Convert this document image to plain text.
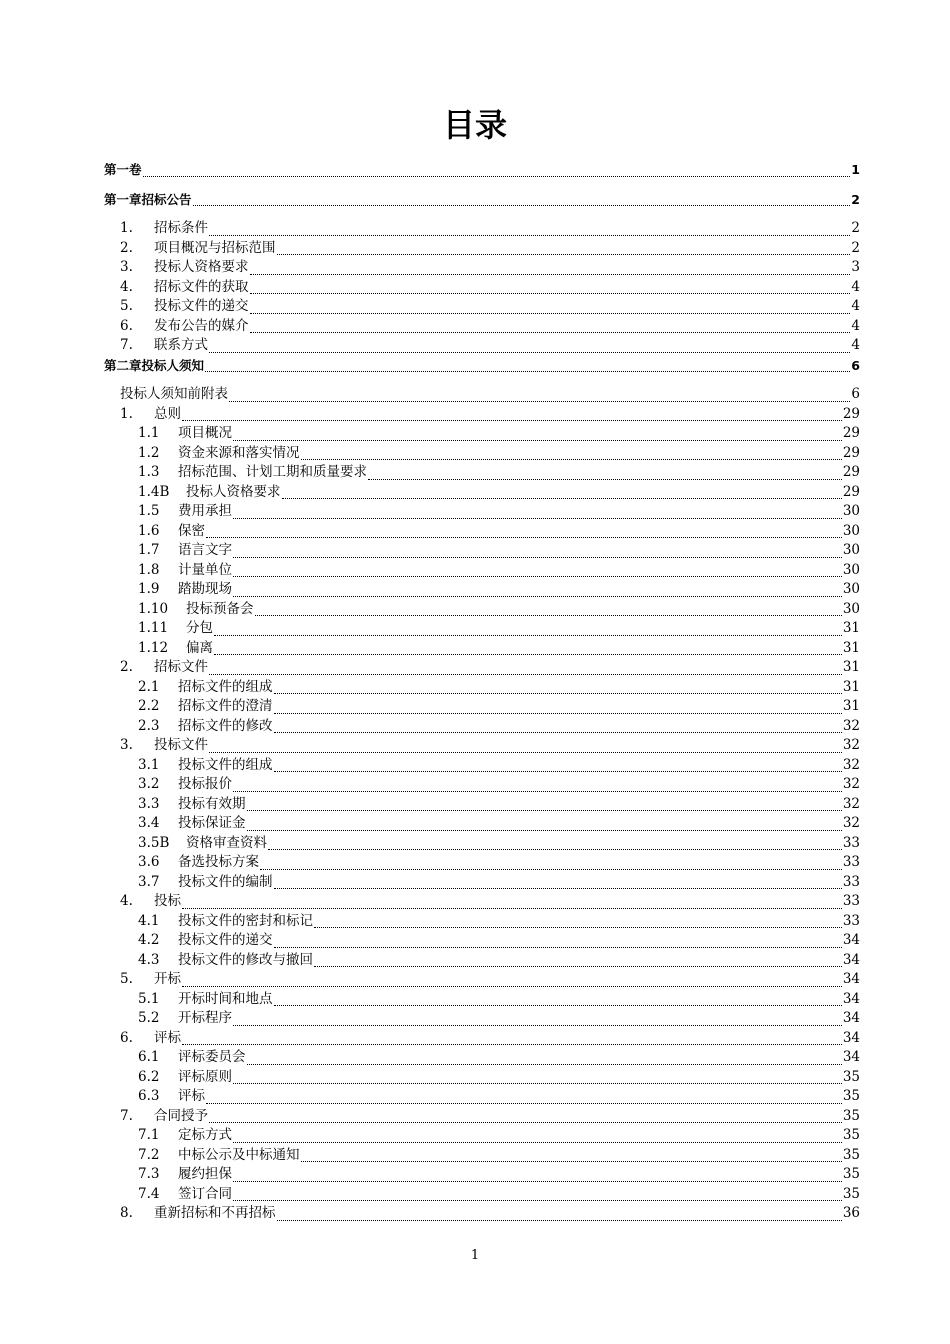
目录
第一卷	1
第一章招标公告	2
1.	招标条件	2
2.	项目概况与招标范围	2
3.	投标人资格要求	3
4.	招标文件的获取	4
5.	投标文件的递交	4
6.	发布公告的媒介	4
7.	联系方式	4
第二章投标人须知	6
投标人须知前附表	6
1.	总则	29
1.1	项目概况	29
1.2	资金来源和落实情况	29
1.3	招标范围、计划工期和质量要求	29
1.4B	投标人资格要求	29
1.5	费用承担	30
1.6	保密	30
1.7	语言文字	30
1.8	计量单位	30
1.9	踏勘现场	30
1.10	投标预备会	30
1.11	分包	31
1.12	偏离	31
2.	招标文件	31
2.1	招标文件的组成	31
2.2	招标文件的澄清	31
2.3	招标文件的修改	32
3.	投标文件	32
3.1	投标文件的组成	32
3.2	投标报价	32
3.3	投标有效期	32
3.4	投标保证金	32
3.5B	资格审查资料	33
3.6	备选投标方案	33
3.7	投标文件的编制	33
4.	投标	33
4.1	投标文件的密封和标记	33
4.2	投标文件的递交	34
4.3	投标文件的修改与撤回	34
5.	开标	34
5.1	开标时间和地点	34
5.2	开标程序	34
6.	评标	34
6.1	评标委员会	34
6.2	评标原则	35
6.3	评标	35
7.	合同授予	35
7.1	定标方式	35
7.2	中标公示及中标通知	35
7.3	履约担保	35
7.4	签订合同	35
8.	重新招标和不再招标	36
1
